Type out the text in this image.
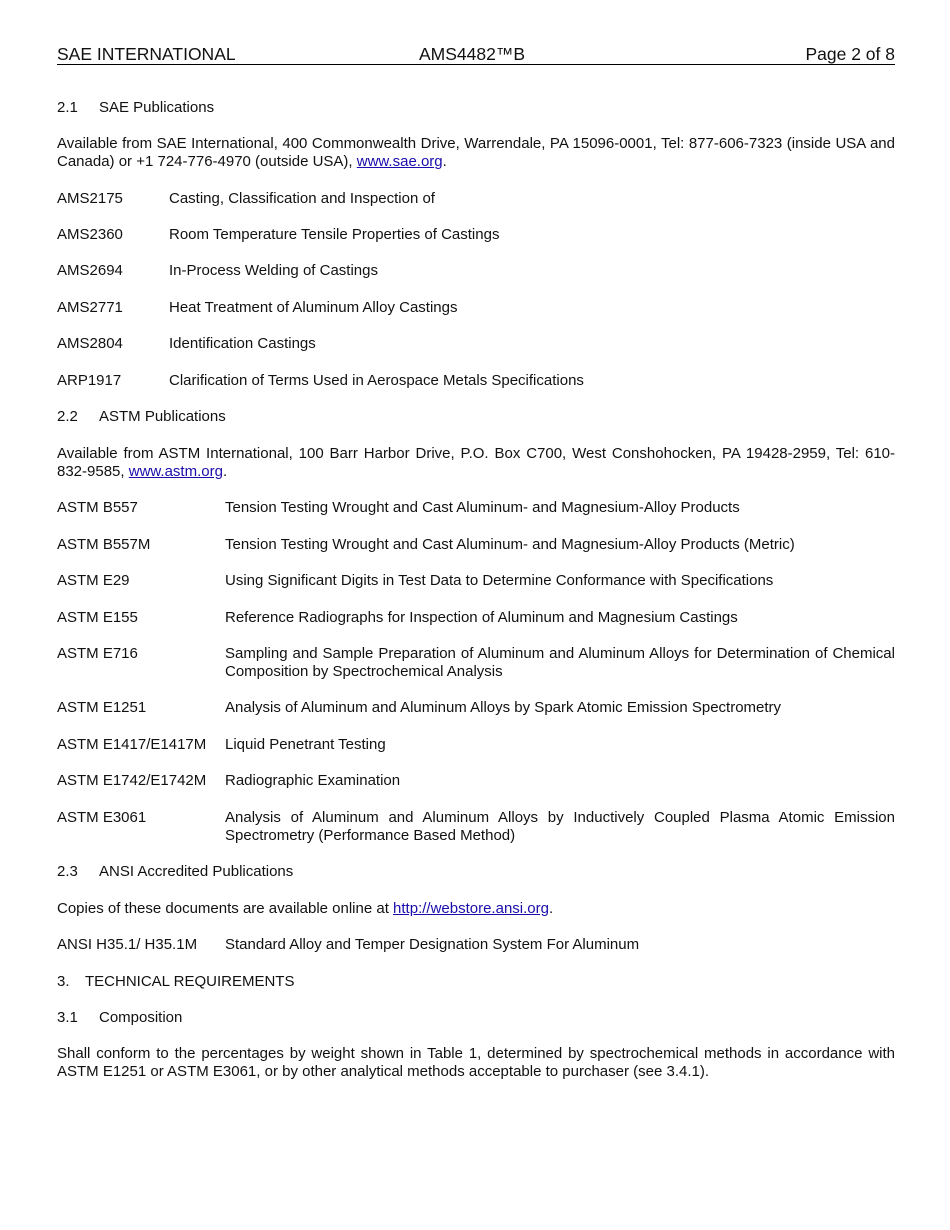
SAE INTERNATIONAL	AMS4482™B	Page 2 of 8
2.1 SAE Publications
Available from SAE International, 400 Commonwealth Drive, Warrendale, PA 15096-0001, Tel: 877-606-7323 (inside USA and Canada) or +1 724-776-4970 (outside USA), www.sae.org.
AMS2175	Casting, Classification and Inspection of
AMS2360	Room Temperature Tensile Properties of Castings
AMS2694	In-Process Welding of Castings
AMS2771	Heat Treatment of Aluminum Alloy Castings
AMS2804	Identification Castings
ARP1917	Clarification of Terms Used in Aerospace Metals Specifications
2.2 ASTM Publications
Available from ASTM International, 100 Barr Harbor Drive, P.O. Box C700, West Conshohocken, PA 19428-2959, Tel: 610-832-9585, www.astm.org.
ASTM B557	Tension Testing Wrought and Cast Aluminum- and Magnesium-Alloy Products
ASTM B557M	Tension Testing Wrought and Cast Aluminum- and Magnesium-Alloy Products (Metric)
ASTM E29	Using Significant Digits in Test Data to Determine Conformance with Specifications
ASTM E155	Reference Radiographs for Inspection of Aluminum and Magnesium Castings
ASTM E716	Sampling and Sample Preparation of Aluminum and Aluminum Alloys for Determination of Chemical Composition by Spectrochemical Analysis
ASTM E1251	Analysis of Aluminum and Aluminum Alloys by Spark Atomic Emission Spectrometry
ASTM E1417/E1417M Liquid Penetrant Testing
ASTM E1742/E1742M Radiographic Examination
ASTM E3061	Analysis of Aluminum and Aluminum Alloys by Inductively Coupled Plasma Atomic Emission Spectrometry (Performance Based Method)
2.3 ANSI Accredited Publications
Copies of these documents are available online at http://webstore.ansi.org.
ANSI H35.1/ H35.1M Standard Alloy and Temper Designation System For Aluminum
3. TECHNICAL REQUIREMENTS
3.1 Composition
Shall conform to the percentages by weight shown in Table 1, determined by spectrochemical methods in accordance with ASTM E1251 or ASTM E3061, or by other analytical methods acceptable to purchaser (see 3.4.1).
